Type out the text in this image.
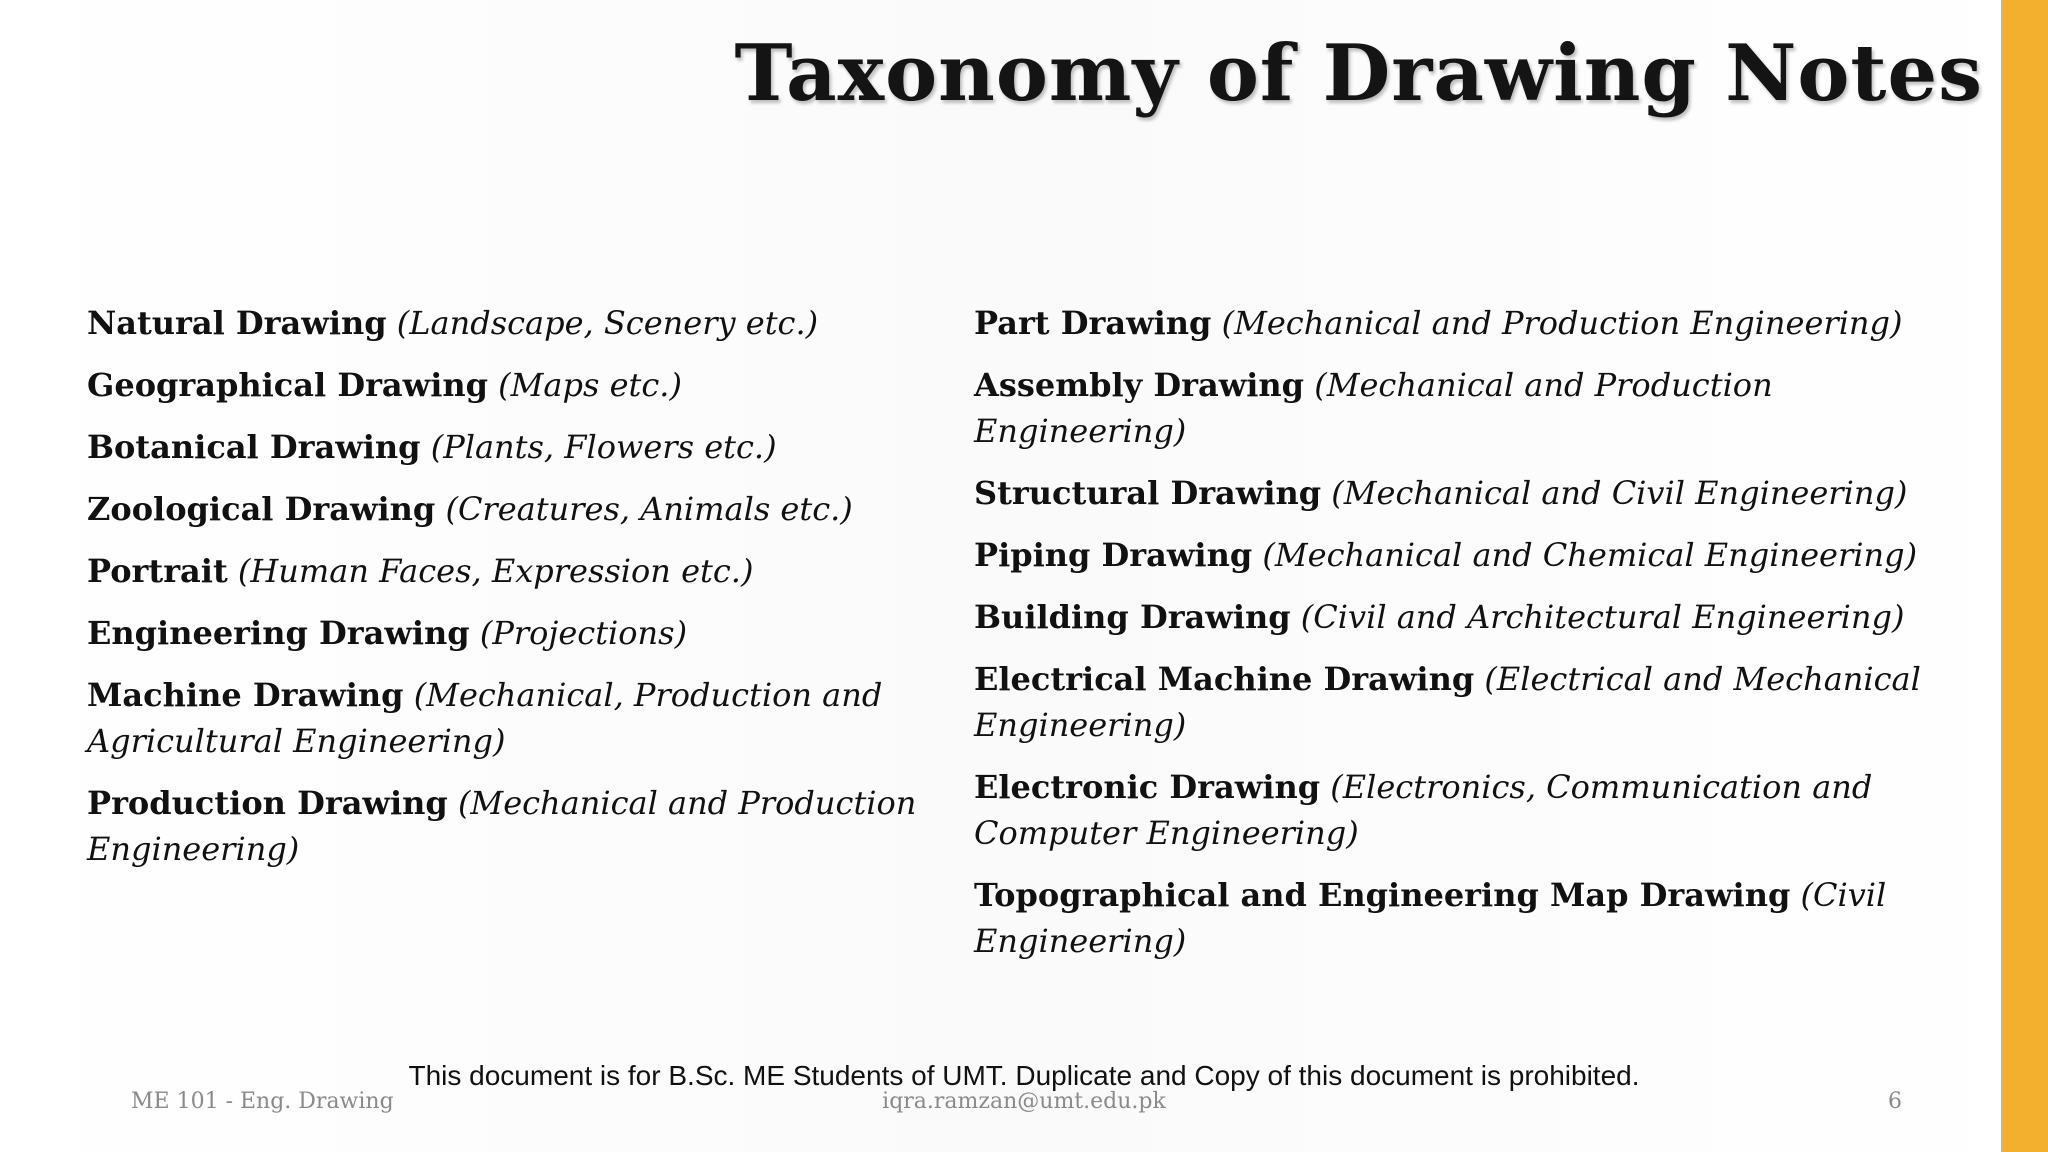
Taxonomy of Drawing Notes

Natural Drawing (Landscape, Scenery etc.)

Geographical Drawing (Maps etc.)

Botanical Drawing (Plants, Flowers etc.)

Zoological Drawing (Creatures, Animals etc.)

Portrait (Human Faces, Expression etc.)

Engineering Drawing (Projections)

Machine Drawing (Mechanical, Production and Agricultural Engineering)

Production Drawing (Mechanical and Production Engineering)

Part Drawing (Mechanical and Production Engineering)

Assembly Drawing (Mechanical and Production Engineering)

Structural Drawing (Mechanical and Civil Engineering)

Piping Drawing (Mechanical and Chemical Engineering)

Building Drawing (Civil and Architectural Engineering)

Electrical Machine Drawing (Electrical and Mechanical Engineering)

Electronic Drawing (Electronics, Communication and Computer Engineering)

Topographical and Engineering Map Drawing (Civil Engineering)

This document is for B.Sc. ME Students of UMT. Duplicate and Copy of this document is prohibited.
ME 101 - Eng. Drawing	iqra.ramzan@umt.edu.pk	6
